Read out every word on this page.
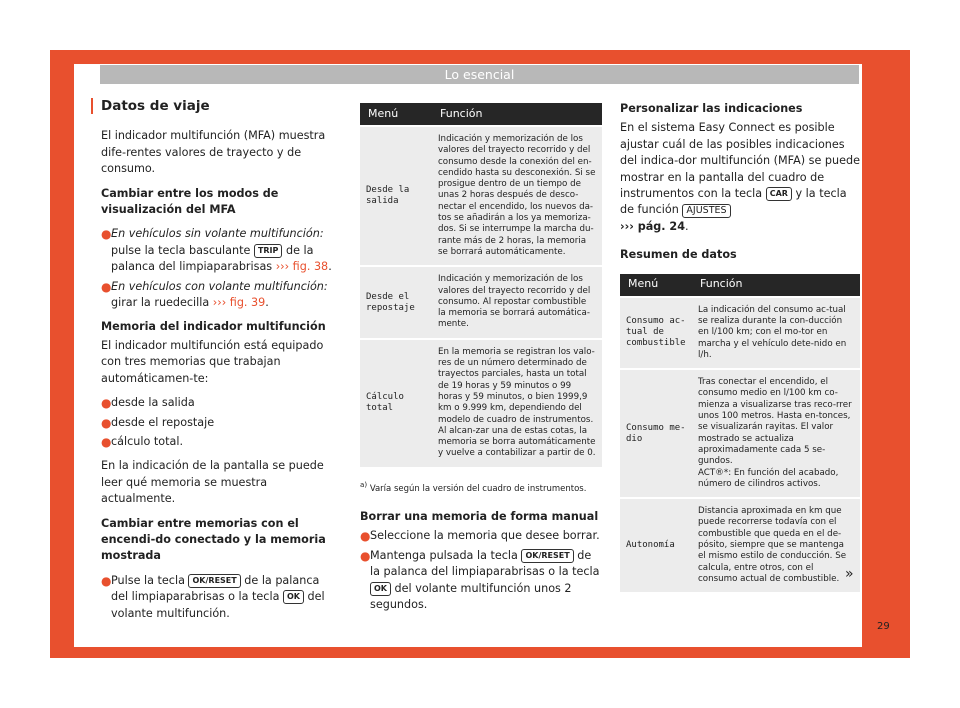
Lo esencial
Datos de viaje

El indicador multifunción (MFA) muestra dife-rentes valores de trayecto y de consumo.

Cambiar entre los modos de visualización del MFA

● En vehículos sin volante multifunción: pulse la tecla basculante TRIP de la palanca del limpiaparabrisas ››› fig. 38.
● En vehículos con volante multifunción: girar la ruedecilla ››› fig. 39.

Memoria del indicador multifunción

El indicador multifunción está equipado con tres memorias que trabajan automáticamen-te:

● desde la salida
● desde el repostaje
● cálculo total.

En la indicación de la pantalla se puede leer qué memoria se muestra actualmente.

Cambiar entre memorias con el encendi-do conectado y la memoria mostrada

● Pulse la tecla OK/RESET de la palanca del limpiaparabrisas o la tecla OK del volante multifunción.
Menú	Función
Desde la salida	Indicación y memorización de los valores del trayecto recorrido y del consumo desde la conexión del en-cendido hasta su desconexión. Si se prosigue dentro de un tiempo de unas 2 horas después de desco-nectar el encendido, los nuevos da-tos se añadirán a los ya memoriza-dos. Si se interrumpe la marcha du-rante más de 2 horas, la memoria se borrará automáticamente.
Desde el repostaje	Indicación y memorización de los valores del trayecto recorrido y del consumo. Al repostar combustible la memoria se borrará automática-mente.
Cálculo total	En la memoria se registran los valo-res de un número determinado de trayectos parciales, hasta un total de 19 horas y 59 minutos o 99 horas y 59 minutos, o bien 1999,9 km o 9.999 km, dependiendo del modelo de cuadro de instrumentos. Al alcan-zar una de estas cotas, la memoria se borra automáticamente y vuelve a contabilizar a partir de 0.
$^{a)}$ Varía según la versión del cuadro de instrumentos.

Borrar una memoria de forma manual

● Seleccione la memoria que desee borrar.
● Mantenga pulsada la tecla OK/RESET de la palanca del limpiaparabrisas o la tecla OK del volante multifunción unos 2 segundos.

Personalizar las indicaciones

En el sistema Easy Connect es posible ajustar cuál de las posibles indicaciones del indica-dor multifunción (MFA) se puede mostrar en la pantalla del cuadro de instrumentos con la tecla CAR y la tecla de función AJUSTES
››› pág. 24.

Resumen de datos

Menú	Función
Consumo ac-tual de combustible	La indicación del consumo ac-tual se realiza durante la con-ducción en l/100 km; con el mo-tor en marcha y el vehículo dete-nido en l/h.
Consumo me-dio	Tras conectar el encendido, el consumo medio en l/100 km co-mienza a visualizarse tras reco-rrer unos 100 metros. Hasta en-tonces, se visualizarán rayitas. El valor mostrado se actualiza aproximadamente cada 5 se-gundos.
ACT®*: En función del acabado, número de cilindros activos.
Autonomía	Distancia aproximada en km que puede recorrerse todavía con el combustible que queda en el de-pósito, siempre que se mantenga el mismo estilo de conducción. Se calcula, entre otros, con el consumo actual de combustible. »
29
